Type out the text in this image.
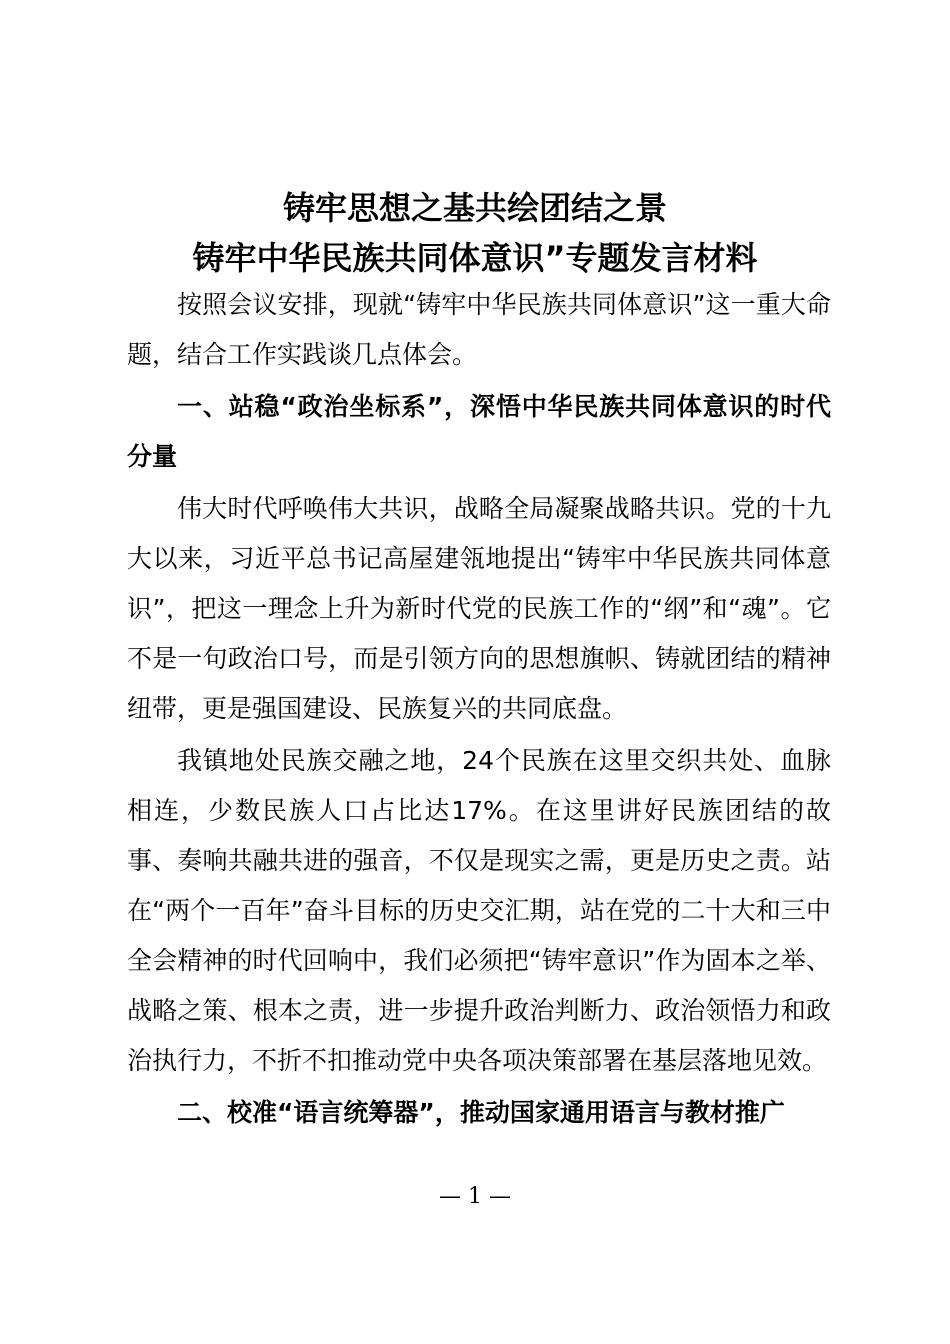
铸牢思想之基共绘团结之景
铸牢中华民族共同体意识”专题发言材料

按照会议安排，现就“铸牢中华民族共同体意识”这一重大命题，结合工作实践谈几点体会。

一、站稳“政治坐标系”，深悟中华民族共同体意识的时代分量

伟大时代呼唤伟大共识，战略全局凝聚战略共识。党的十九大以来，习近平总书记高屋建瓴地提出“铸牢中华民族共同体意识”，把这一理念上升为新时代党的民族工作的“纲”和“魂”。它不是一句政治口号，而是引领方向的思想旗帜、铸就团结的精神纽带，更是强国建设、民族复兴的共同底盘。

我镇地处民族交融之地，24个民族在这里交织共处、血脉相连，少数民族人口占比达17%。在这里讲好民族团结的故事、奏响共融共进的强音，不仅是现实之需，更是历史之责。站在“两个一百年”奋斗目标的历史交汇期，站在党的二十大和三中全会精神的时代回响中，我们必须把“铸牢意识”作为固本之举、战略之策、根本之责，进一步提升政治判断力、政治领悟力和政治执行力，不折不扣推动党中央各项决策部署在基层落地见效。

二、校准“语言统筹器”，推动国家通用语言与教材推广

— 1 —
